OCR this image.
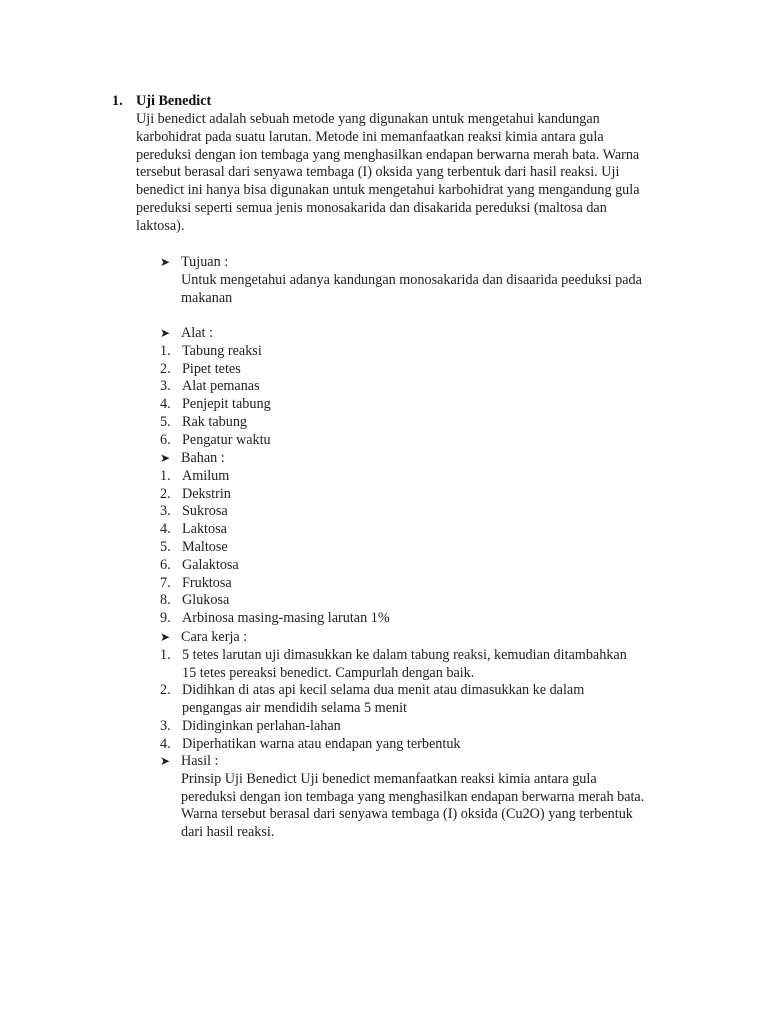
1. Uji Benedict
Uji benedict adalah sebuah metode yang digunakan untuk mengetahui kandungan
karbohidrat pada suatu larutan. Metode ini memanfaatkan reaksi kimia antara gula
pereduksi dengan ion tembaga yang menghasilkan endapan berwarna merah bata. Warna
tersebut berasal dari senyawa tembaga (I) oksida yang terbentuk dari hasil reaksi. Uji
benedict ini hanya bisa digunakan untuk mengetahui karbohidrat yang mengandung gula
pereduksi seperti semua jenis monosakarida dan disakarida pereduksi (maltosa dan
laktosa).
➤ Tujuan :
Untuk mengetahui adanya kandungan monosakarida dan disaarida peeduksi pada
makanan
➤ Alat :
1. Tabung reaksi
2. Pipet tetes
3. Alat pemanas
4. Penjepit tabung
5. Rak tabung
6. Pengatur waktu
➤ Bahan :
1. Amilum
2. Dekstrin
3. Sukrosa
4. Laktosa
5. Maltose
6. Galaktosa
7. Fruktosa
8. Glukosa
9. Arbinosa masing-masing larutan 1%
➤ Cara kerja :
1. 5 tetes larutan uji dimasukkan ke dalam tabung reaksi, kemudian ditambahkan
15 tetes pereaksi benedict. Campurlah dengan baik.
2. Didihkan di atas api kecil selama dua menit atau dimasukkan ke dalam
pengangas air mendidih selama 5 menit
3. Didinginkan perlahan-lahan
4. Diperhatikan warna atau endapan yang terbentuk
➤ Hasil :
Prinsip Uji Benedict Uji benedict memanfaatkan reaksi kimia antara gula
pereduksi dengan ion tembaga yang menghasilkan endapan berwarna merah bata.
Warna tersebut berasal dari senyawa tembaga (I) oksida (Cu2O) yang terbentuk
dari hasil reaksi.
